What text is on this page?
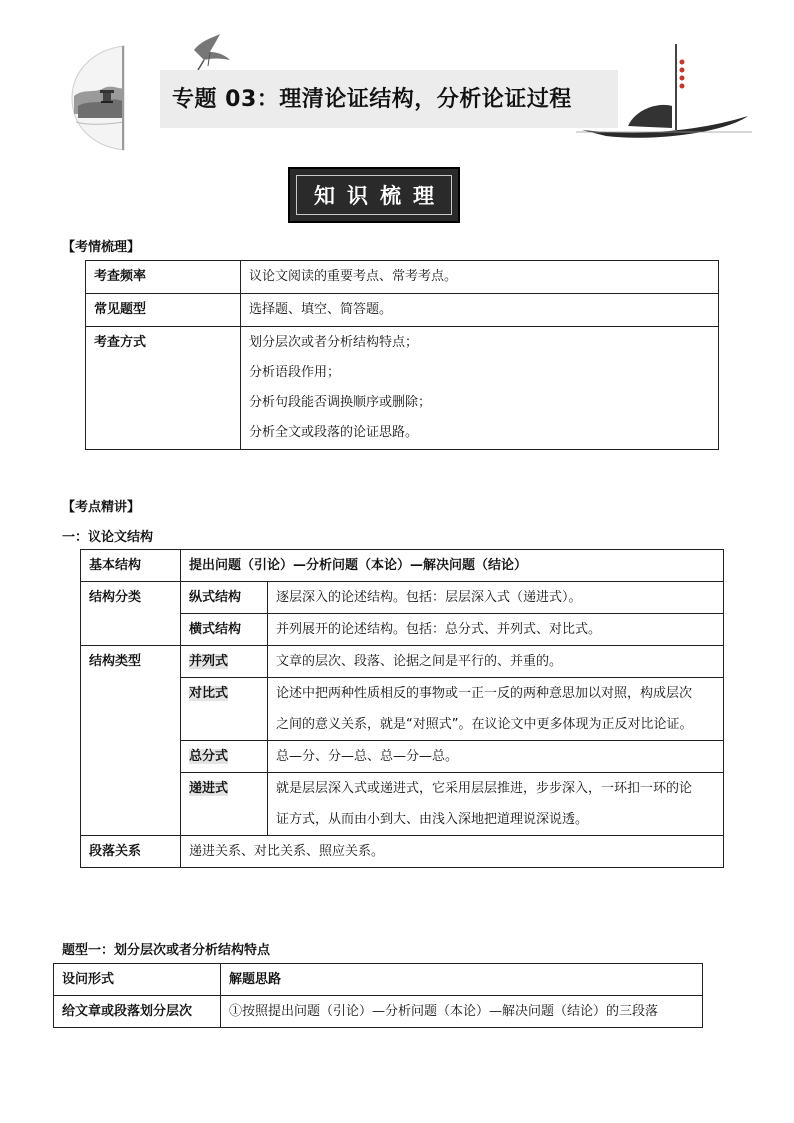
专题 03：理清论证结构，分析论证过程
知识梳理
【考情梳理】
考查频率	议论文阅读的重要考点、常考考点。
常见题型	选择题、填空、简答题。
考查方式	划分层次或者分析结构特点；
分析语段作用；
分析句段能否调换顺序或删除；
分析全文或段落的论证思路。
【考点精讲】
一：议论文结构
基本结构	提出问题（引论）—分析问题（本论）—解决问题（结论）	
结构分类	纵式结构	逐层深入的论述结构。包括：层层深入式（递进式）。
	横式结构	并列展开的论述结构。包括：总分式、并列式、对比式。
结构类型	并列式	文章的层次、段落、论据之间是平行的、并重的。
	对比式	论述中把两种性质相反的事物或一正一反的两种意思加以对照，构成层次
之间的意义关系，就是“对照式”。在议论文中更多体现为正反对比论证。

	总分式	总—分、分—总、总—分—总。
	递进式	就是层层深入式或递进式，它采用层层推进，步步深入，一环扣一环的论
证方式，从而由小到大、由浅入深地把道理说深说透。

段落关系	递进关系、对比关系、照应关系。	
题型一：划分层次或者分析结构特点
设问形式	解题思路
给文章或段落划分层次	①按照提出问题（引论）—分析问题（本论）—解决问题（结论）的三段落
